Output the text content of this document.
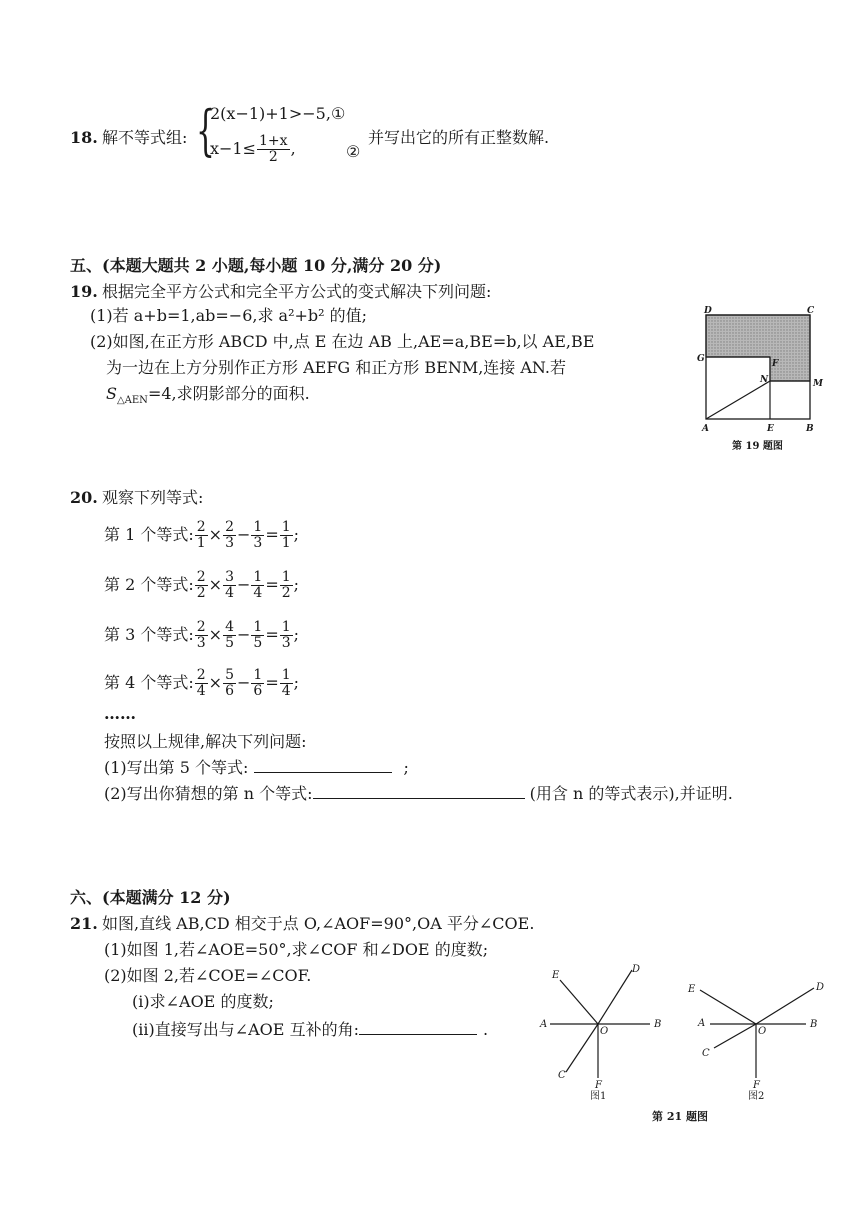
18. 解不等式组: {
2(x−1)+1>−5,①
$x-1\le \frac{1+x}{2}$ ,	②
并写出它的所有正整数解.
五、(本题大题共 2 小题,每小题 10 分,满分 20 分)
19. 根据完全平方公式和完全平方公式的变式解决下列问题:
(1)若 a+b=1,ab=−6,求 a²+b² 的值;
(2)如图,在正方形 ABCD 中,点 E 在边 AB 上,AE=a,BE=b,以 AE,BE
为一边在上方分别作正方形 AEFG 和正方形 BENM,连接 AN.若
$S_{\triangle AEN}=4$,求阴影部分的面积.
D	C
G	F
N	M
A	E	B
第 19 题图
20. 观察下列等式:
第 1 个等式: $\frac{2}{1} \times \frac{2}{3} - \frac{1}{3} = \frac{1}{1}$ ;
第 2 个等式: $\frac{2}{2} \times \frac{3}{4} - \frac{1}{4} = \frac{1}{2}$ ;
第 3 个等式: $\frac{2}{3} \times \frac{4}{5} - \frac{1}{5} = \frac{1}{3}$ ;
第 4 个等式: $\frac{2}{4} \times \frac{5}{6} - \frac{1}{6} = \frac{1}{4}$ ;
……
按照以上规律,解决下列问题:
(1)写出第 5 个等式:	;
(2)写出你猜想的第 n 个等式:	(用含 n 的等式表示),并证明.
六、(本题满分 12 分)
21. 如图,直线 AB,CD 相交于点 O,∠AOF=90°,OA 平分∠COE.
(1)如图 1,若∠AOE=50°,求∠COF 和∠DOE 的度数;
(2)如图 2,若∠COE=∠COF.
(ⅰ)求∠AOE 的度数;
(ⅱ)直接写出与∠AOE 互补的角:	.
E
D
A
O
B
C
F
图1
E	D
A
O
B
C
F
图2
第 21 题图
